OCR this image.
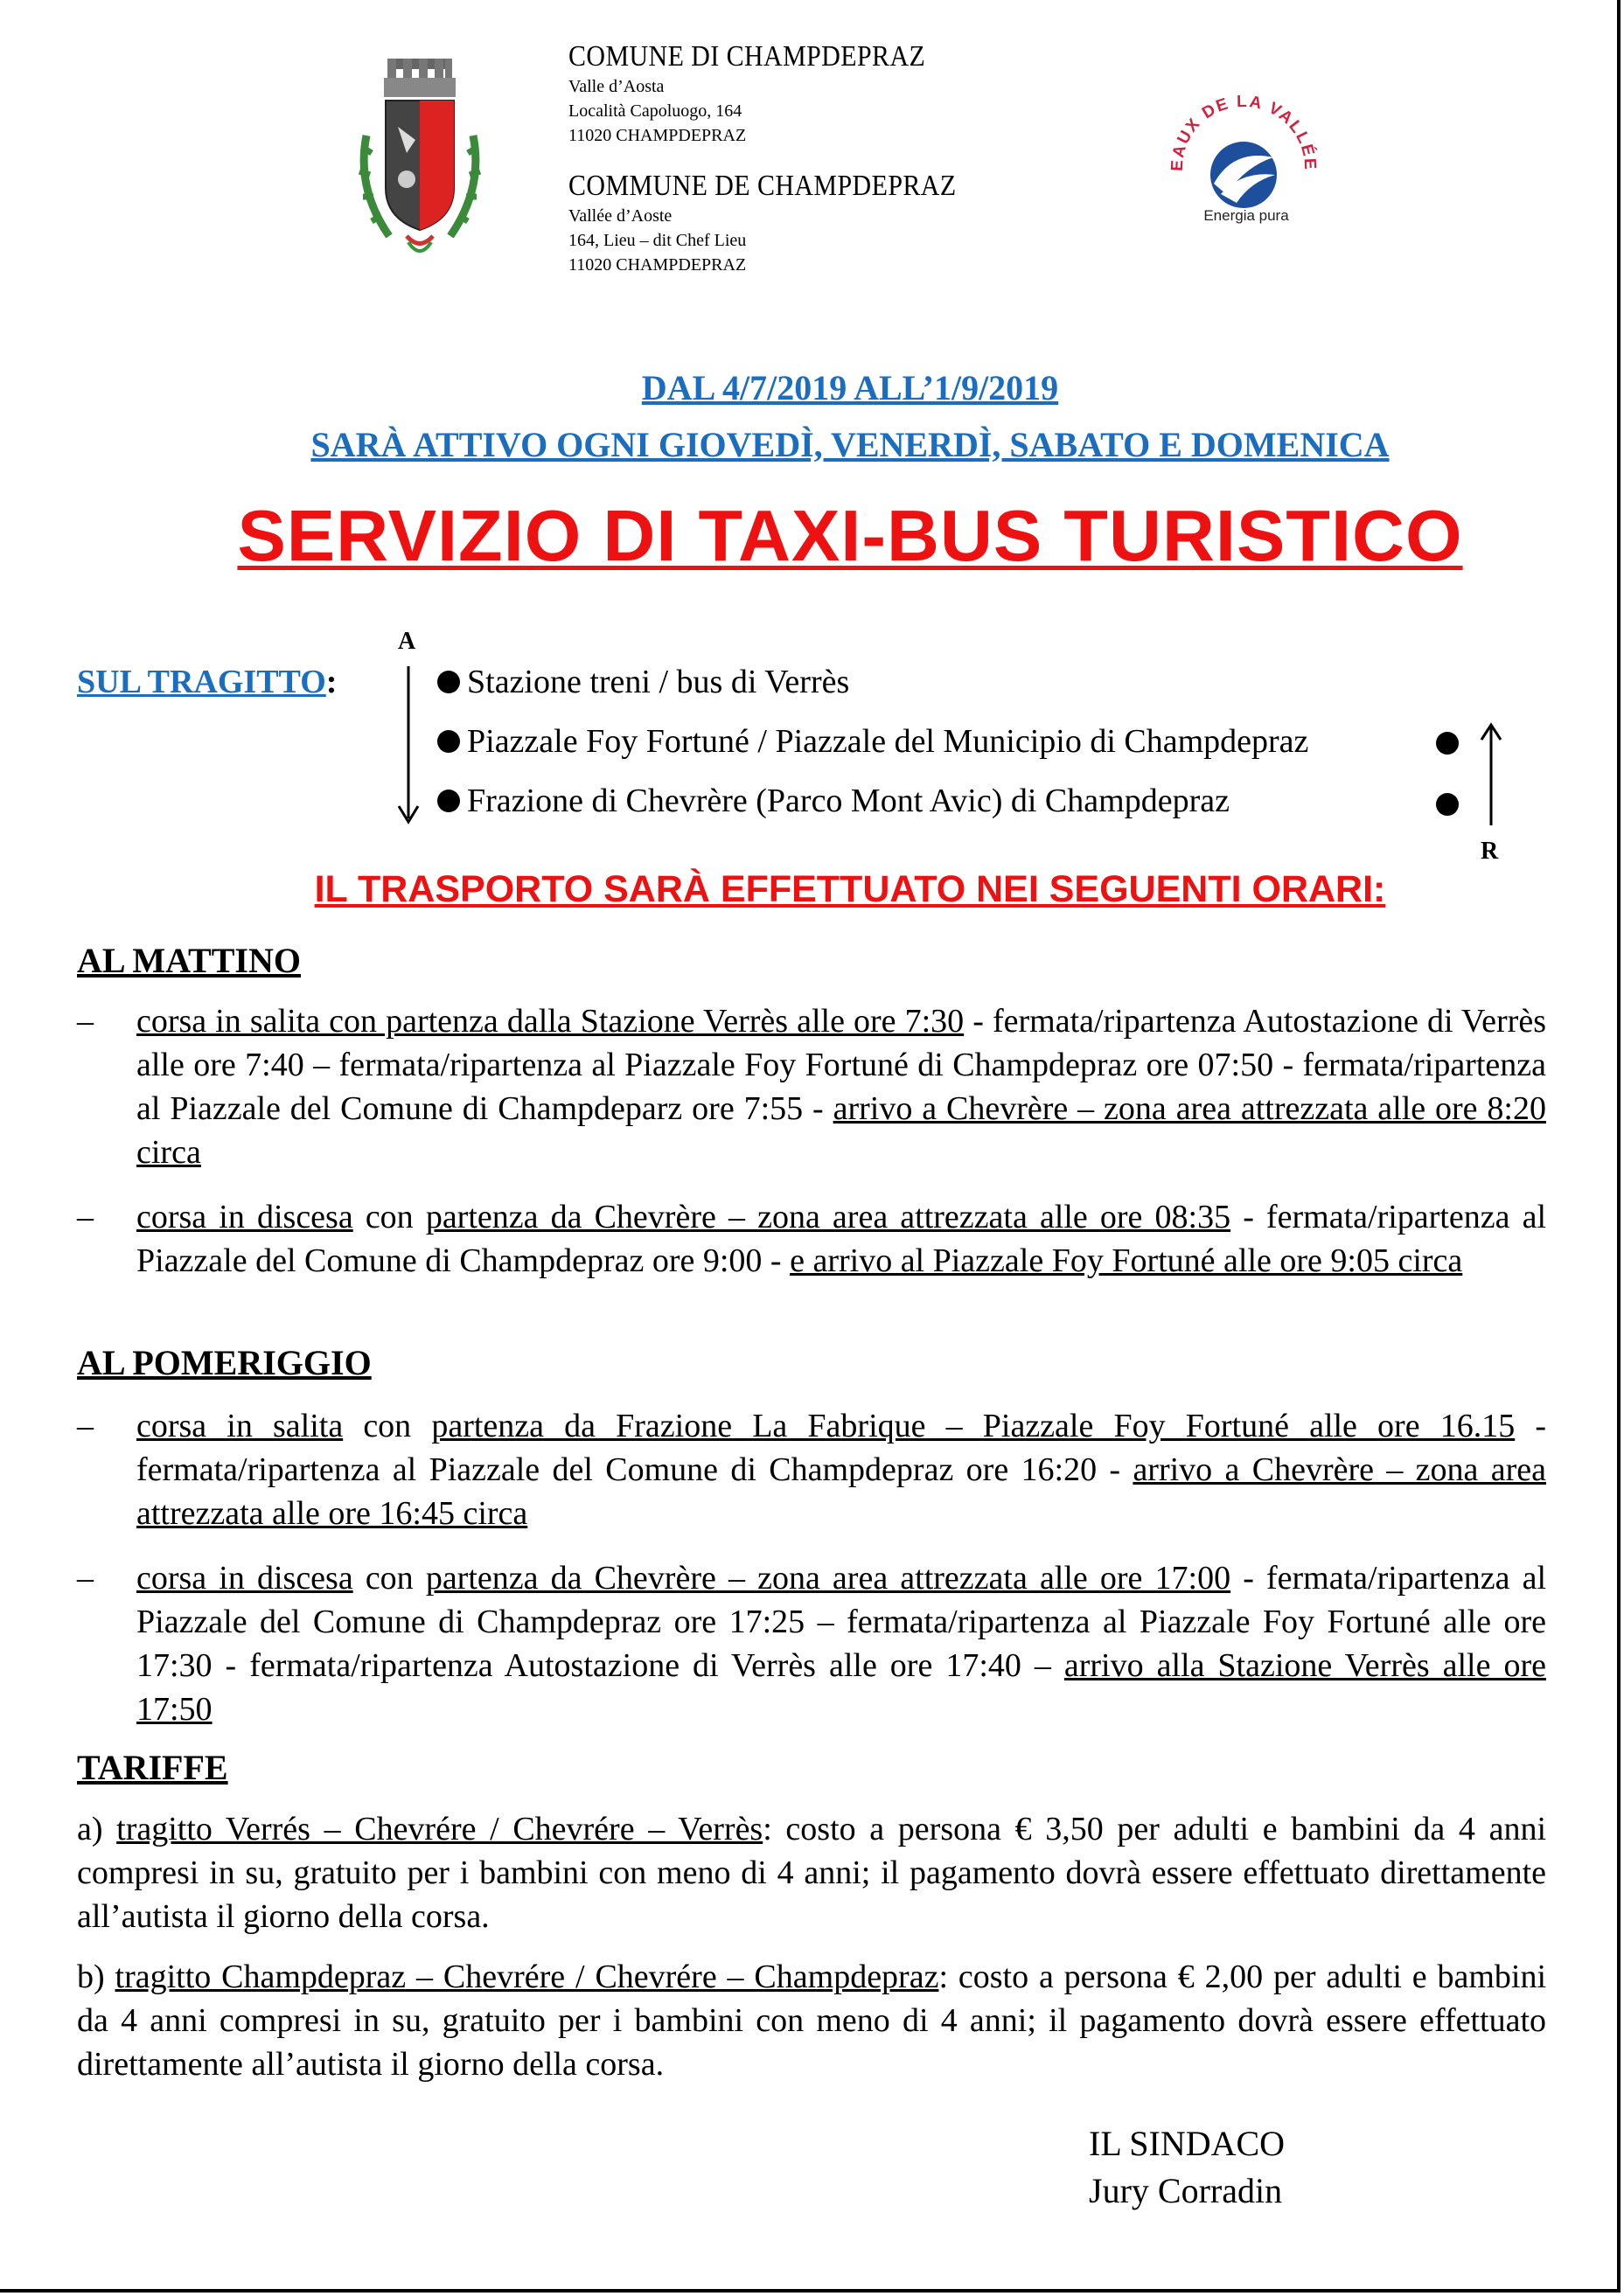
COMUNE DI CHAMPDEPRAZ
Valle d’Aosta
Località Capoluogo, 164
11020 CHAMPDEPRAZ
COMMUNE DE CHAMPDEPRAZ
Vallée d’Aoste
164, Lieu – dit Chef Lieu
11020 CHAMPDEPRAZ
EAUX DE LA VALLÉE
Energia pura
DAL 4/7/2019 ALL’1/9/2019
SARÀ ATTIVO OGNI GIOVEDÌ, VENERDÌ, SABATO E DOMENICA
SERVIZIO DI TAXI-BUS TURISTICO
SUL TRAGITTO:
A
Stazione treni / bus di Verrès
Piazzale Foy Fortuné / Piazzale del Municipio di Champdepraz
Frazione di Chevrère (Parco Mont Avic) di Champdepraz
R
IL TRASPORTO SARÀ EFFETTUATO NEI SEGUENTI ORARI:
AL MATTINO
– corsa in salita con partenza dalla Stazione Verrès alle ore 7:30 - fermata/ripartenza Autostazione di Verrès alle ore 7:40 – fermata/ripartenza al Piazzale Foy Fortuné di Champdepraz ore 07:50 - fermata/ripartenza al Piazzale del Comune di Champdeparz ore 7:55 - arrivo a Chevrère – zona area attrezzata alle ore 8:20 circa
– corsa in discesa con partenza da Chevrère – zona area attrezzata alle ore 08:35 - fermata/ripartenza al Piazzale del Comune di Champdepraz ore 9:00 - e arrivo al Piazzale Foy Fortuné alle ore 9:05 circa
AL POMERIGGIO
– corsa in salita con partenza da Frazione La Fabrique – Piazzale Foy Fortuné alle ore 16.15 - fermata/ripartenza al Piazzale del Comune di Champdepraz ore 16:20 - arrivo a Chevrère – zona area attrezzata alle ore 16:45 circa
– corsa in discesa con partenza da Chevrère – zona area attrezzata alle ore 17:00 - fermata/ripartenza al Piazzale del Comune di Champdepraz ore 17:25 – fermata/ripartenza al Piazzale Foy Fortuné alle ore 17:30 - fermata/ripartenza Autostazione di Verrès alle ore 17:40 – arrivo alla Stazione Verrès alle ore 17:50
TARIFFE
a) tragitto Verrés – Chevrére / Chevrére – Verrès: costo a persona € 3,50 per adulti e bambini da 4 anni compresi in su, gratuito per i bambini con meno di 4 anni; il pagamento dovrà essere effettuato direttamente all’autista il giorno della corsa.
b) tragitto Champdepraz – Chevrére / Chevrére – Champdepraz: costo a persona € 2,00 per adulti e bambini da 4 anni compresi in su, gratuito per i bambini con meno di 4 anni; il pagamento dovrà essere effettuato direttamente all’autista il giorno della corsa.
IL SINDACO
Jury Corradin
